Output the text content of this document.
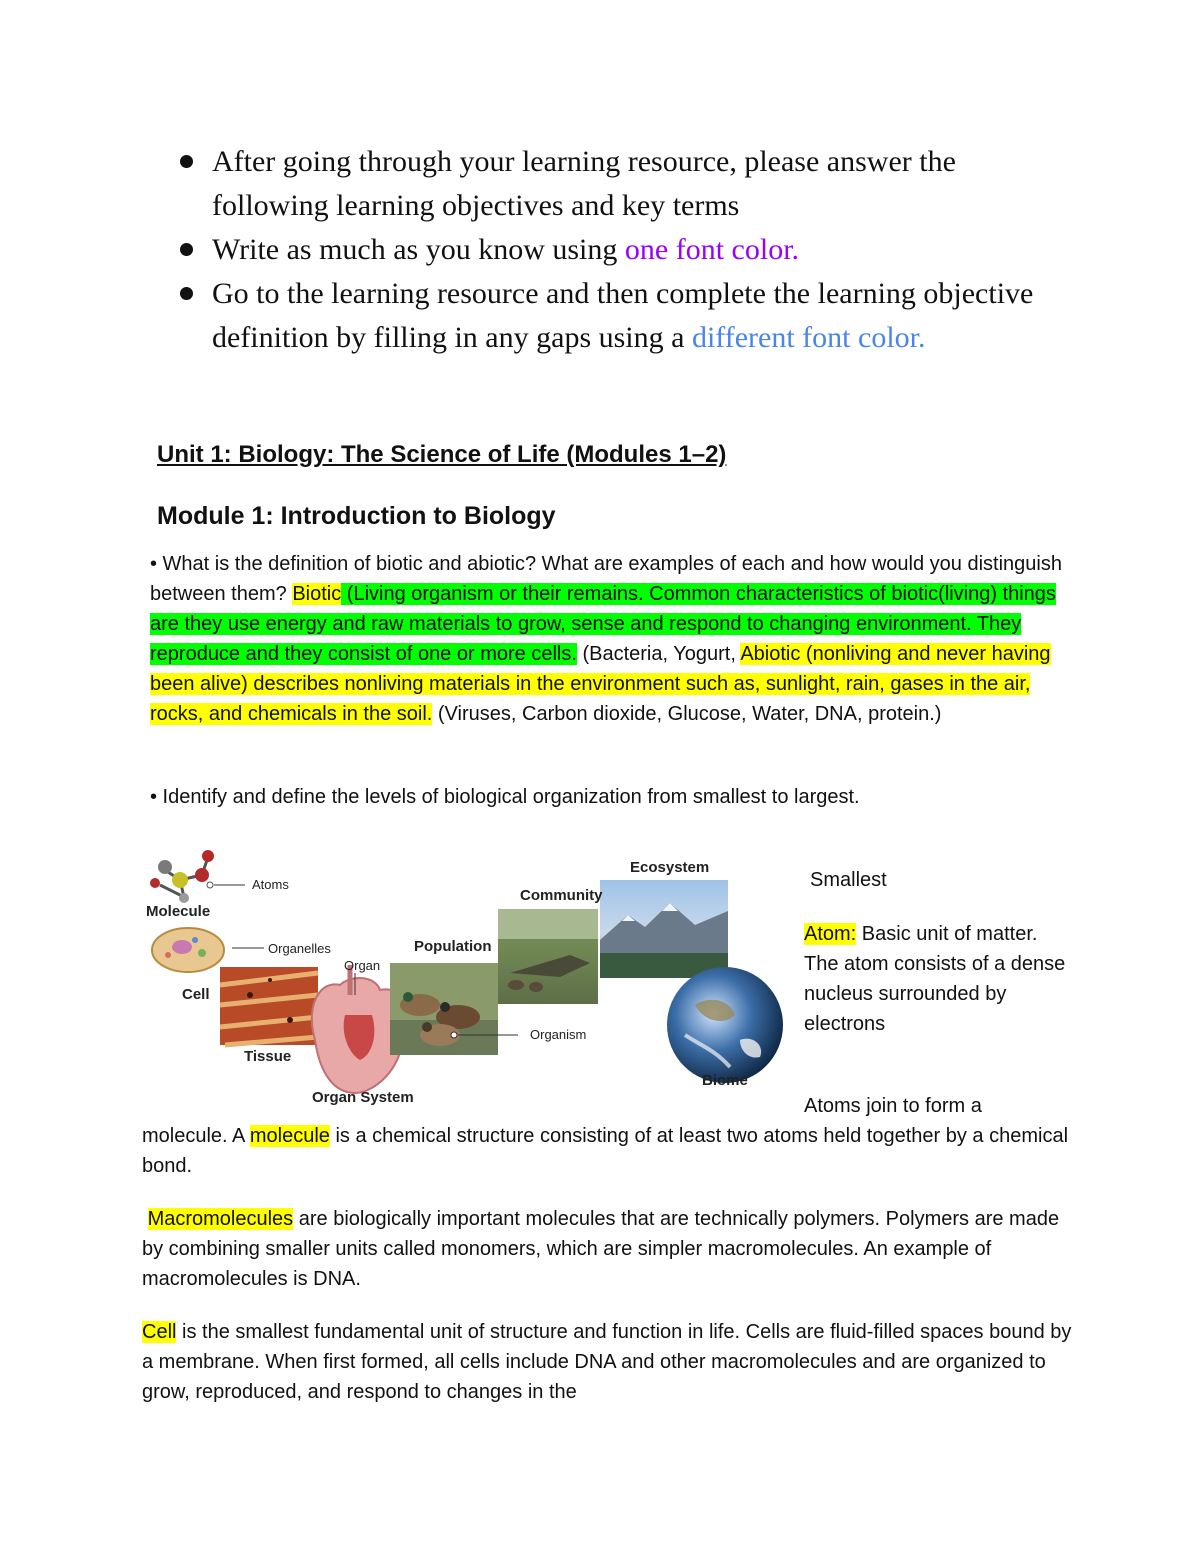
After going through your learning resource, please answer the following learning objectives and key terms
Write as much as you know using one font color.
Go to the learning resource and then complete the learning objective definition by filling in any gaps using a different font color.
Unit 1: Biology: The Science of Life (Modules 1–2)
Module 1: Introduction to Biology

• What is the definition of biotic and abiotic? What are examples of each and how would you distinguish between them? Biotic (Living organism or their remains. Common characteristics of biotic(living) things are they use energy and raw materials to grow, sense and respond to changing environment. They reproduce and they consist of one or more cells. (Bacteria, Yogurt, Abiotic (nonliving and never having been alive) describes nonliving materials in the environment such as, sunlight, rain, gases in the air, rocks, and chemicals in the soil. (Viruses, Carbon dioxide, Glucose, Water, DNA, protein.)

• Identify and define the levels of biological organization from smallest to largest.

Atoms
Molecule
Organelles
Cell
Tissue
Organ
Organ System
Population
Organism
Community
Ecosystem
Biome

Smallest

Atom: Basic unit of matter. The atom consists of a dense nucleus surrounded by electrons

Atoms join to form a
molecule. A molecule is a chemical structure consisting of at least two atoms held together by a chemical bond.

Macromolecules are biologically important molecules that are technically polymers. Polymers are made by combining smaller units called monomers, which are simpler macromolecules. An example of macromolecules is DNA.

Cell is the smallest fundamental unit of structure and function in life. Cells are fluid-filled spaces bound by a membrane. When first formed, all cells include DNA and other macromolecules and are organized to grow, reproduced, and respond to changes in the
